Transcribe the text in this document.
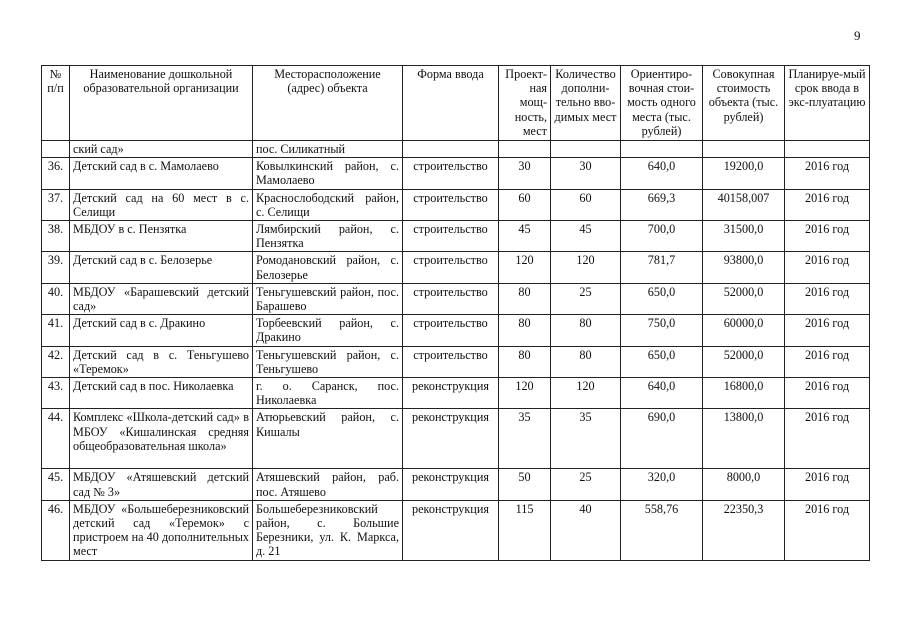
9
№ п/п	Наименование дошкольной образовательной организации	Месторасположение (адрес) объекта	Форма ввода	Проект-ная мощ-ность, мест	Количество дополни-тельно вво-димых мест	Ориентиро-вочная стои-мость одного места (тыс. рублей)	Совокупная стоимость объекта (тыс. рублей)	Планируе-мый срок ввода в экс-плуатацию
	ский сад»	пос. Силикатный						
36.	Детский сад в с. Мамолаево	Ковылкинский район, с. Мамолаево	строительство	30	30	640,0	19200,0	2016 год
37.	Детский сад на 60 мест в с. Селищи	Краснослободский район, с. Селищи	строительство	60	60	669,3	40158,007	2016 год
38.	МБДОУ в с. Пензятка	Лямбирский район, с. Пензятка	строительство	45	45	700,0	31500,0	2016 год
39.	Детский сад в с. Белозерье	Ромодановский район, с. Белозерье	строительство	120	120	781,7	93800,0	2016 год
40.	МБДОУ «Барашевский детский сад»	Теньгушевский район, пос. Барашево	строительство	80	25	650,0	52000,0	2016 год
41.	Детский сад в с. Дракино	Торбеевский район, с. Дракино	строительство	80	80	750,0	60000,0	2016 год
42.	Детский сад в с. Теньгушево «Теремок»	Теньгушевский район, с. Теньгушево	строительство	80	80	650,0	52000,0	2016 год
43.	Детский сад в пос. Николаевка	г. о. Саранск, пос. Николаевка	реконструкция	120	120	640,0	16800,0	2016 год
44.	Комплекс «Школа-детский сад» в МБОУ «Кишалинская средняя общеобразовательная школа»	Атюрьевский район, с. Кишалы	реконструкция	35	35	690,0	13800,0	2016 год
45.	МБДОУ «Атяшевский детский сад № 3»	Атяшевский район, раб. пос. Атяшево	реконструкция	50	25	320,0	8000,0	2016 год
46.	МБДОУ «Большеберезниковский детский сад «Теремок» с пристроем на 40 дополнительных мест	Большеберезниковский район, с. Большие Березники, ул. К. Маркса, д. 21	реконструкция	115	40	558,76	22350,3	2016 год
